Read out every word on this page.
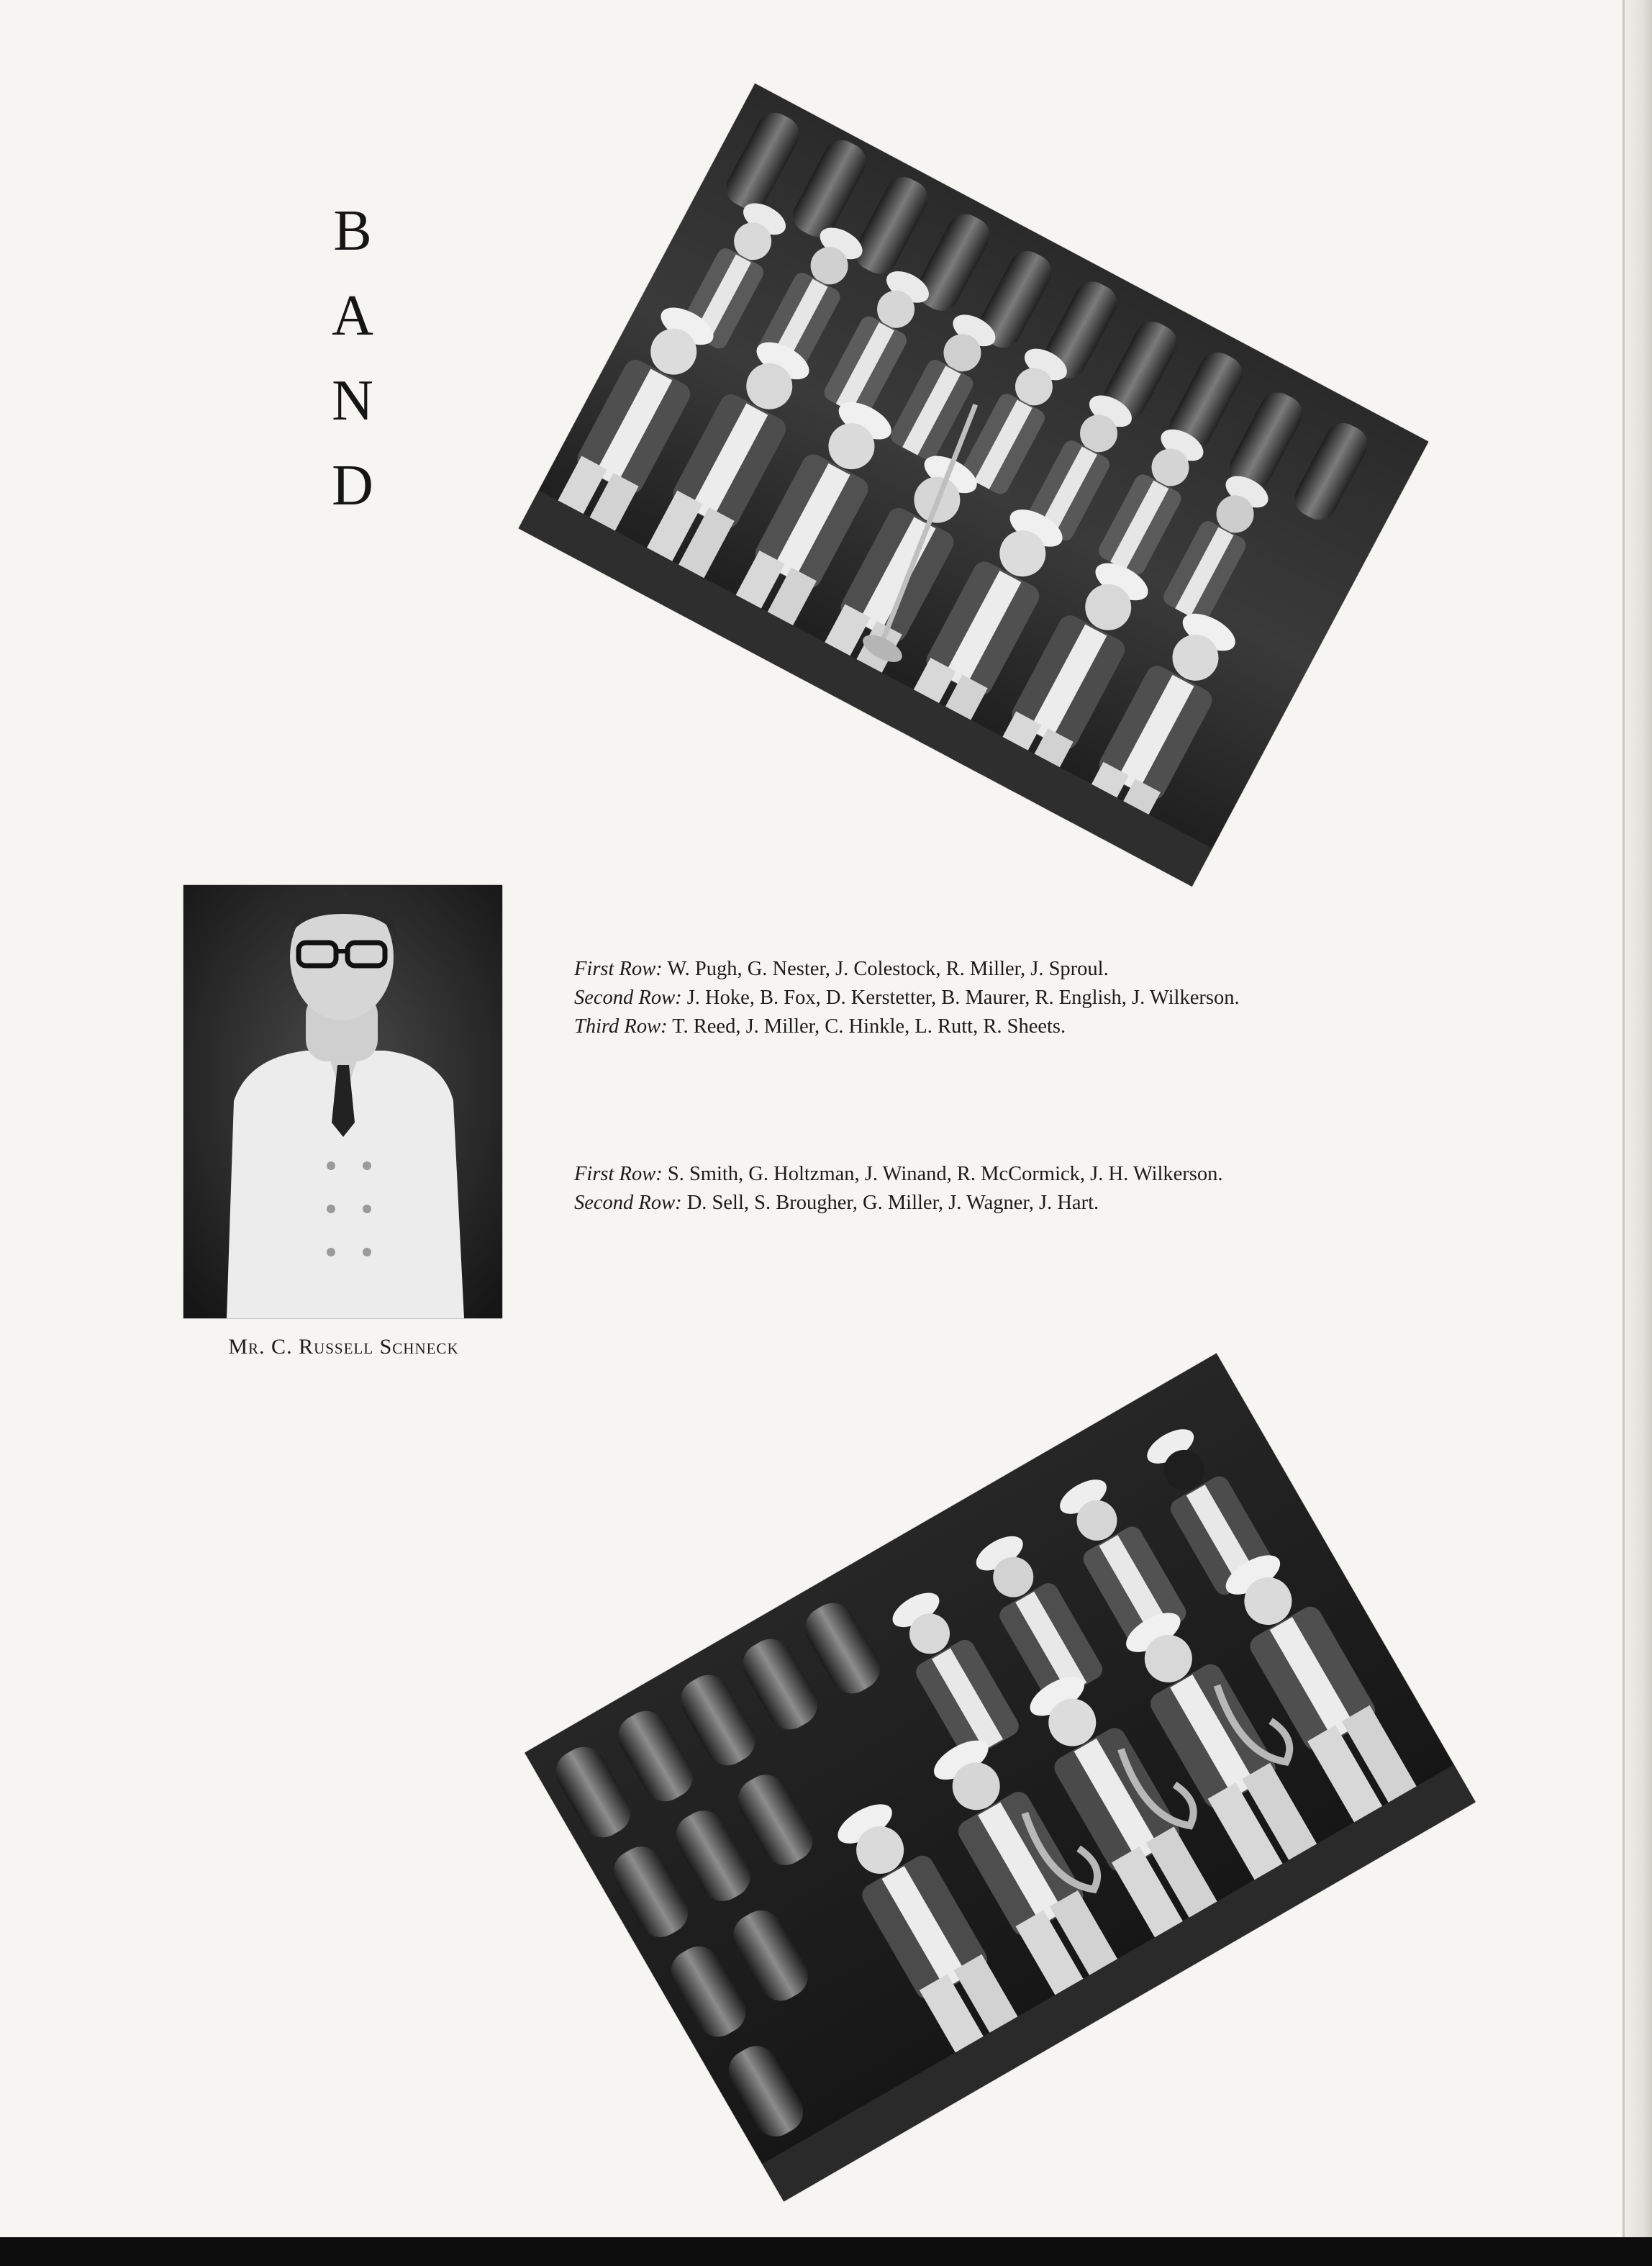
B
A
N
D
Mr. C. Russell Schneck
First Row: W. Pugh, G. Nester, J. Colestock, R. Miller, J. Sproul.
Second Row: J. Hoke, B. Fox, D. Kerstetter, B. Maurer, R. English, J. Wilkerson.
Third Row: T. Reed, J. Miller, C. Hinkle, L. Rutt, R. Sheets.
First Row: S. Smith, G. Holtzman, J. Winand, R. McCormick, J. H. Wilkerson.
Second Row: D. Sell, S. Brougher, G. Miller, J. Wagner, J. Hart.
